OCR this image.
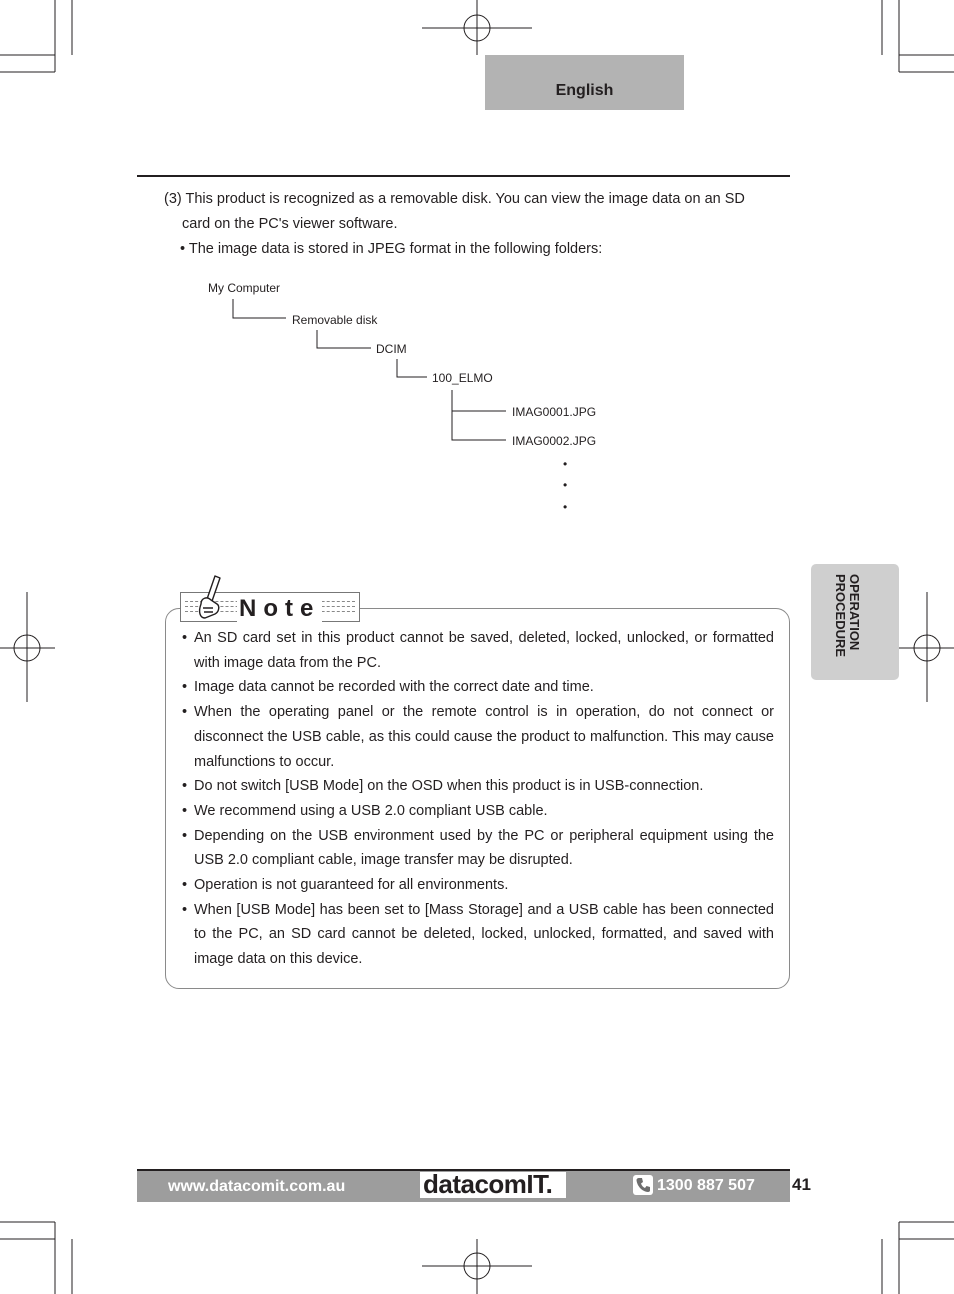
English
(3) This product is recognized as a removable disk. You can view the image data on an SD
card on the PC's viewer software.
• The image data is stored in JPEG format in the following folders:
My Computer
Removable disk
DCIM
100_ELMO
IMAG0001.JPG
IMAG0002.JPG
•
•
•
OPERATION PROCEDURE
Note
• An SD card set in this product cannot be saved, deleted, locked, unlocked, or formatted with image data from the PC.
• Image data cannot be recorded with the correct date and time.
• When the operating panel or the remote control is in operation, do not connect or disconnect the USB cable, as this could cause the product to malfunction. This may cause malfunctions to occur.
• Do not switch [USB Mode] on the OSD when this product is in USB-connection.
• We recommend using a USB 2.0 compliant USB cable.
• Depending on the USB environment used by the PC or peripheral equipment using the USB 2.0 compliant cable, image transfer may be disrupted.
• Operation is not guaranteed for all environments.
• When [USB Mode] has been set to [Mass Storage] and a USB cable has been connected to the PC, an SD card cannot be deleted, locked, unlocked, formatted, and saved with image data on this device.
www.datacomit.com.au	datacomIT.	1300 887 507 41
